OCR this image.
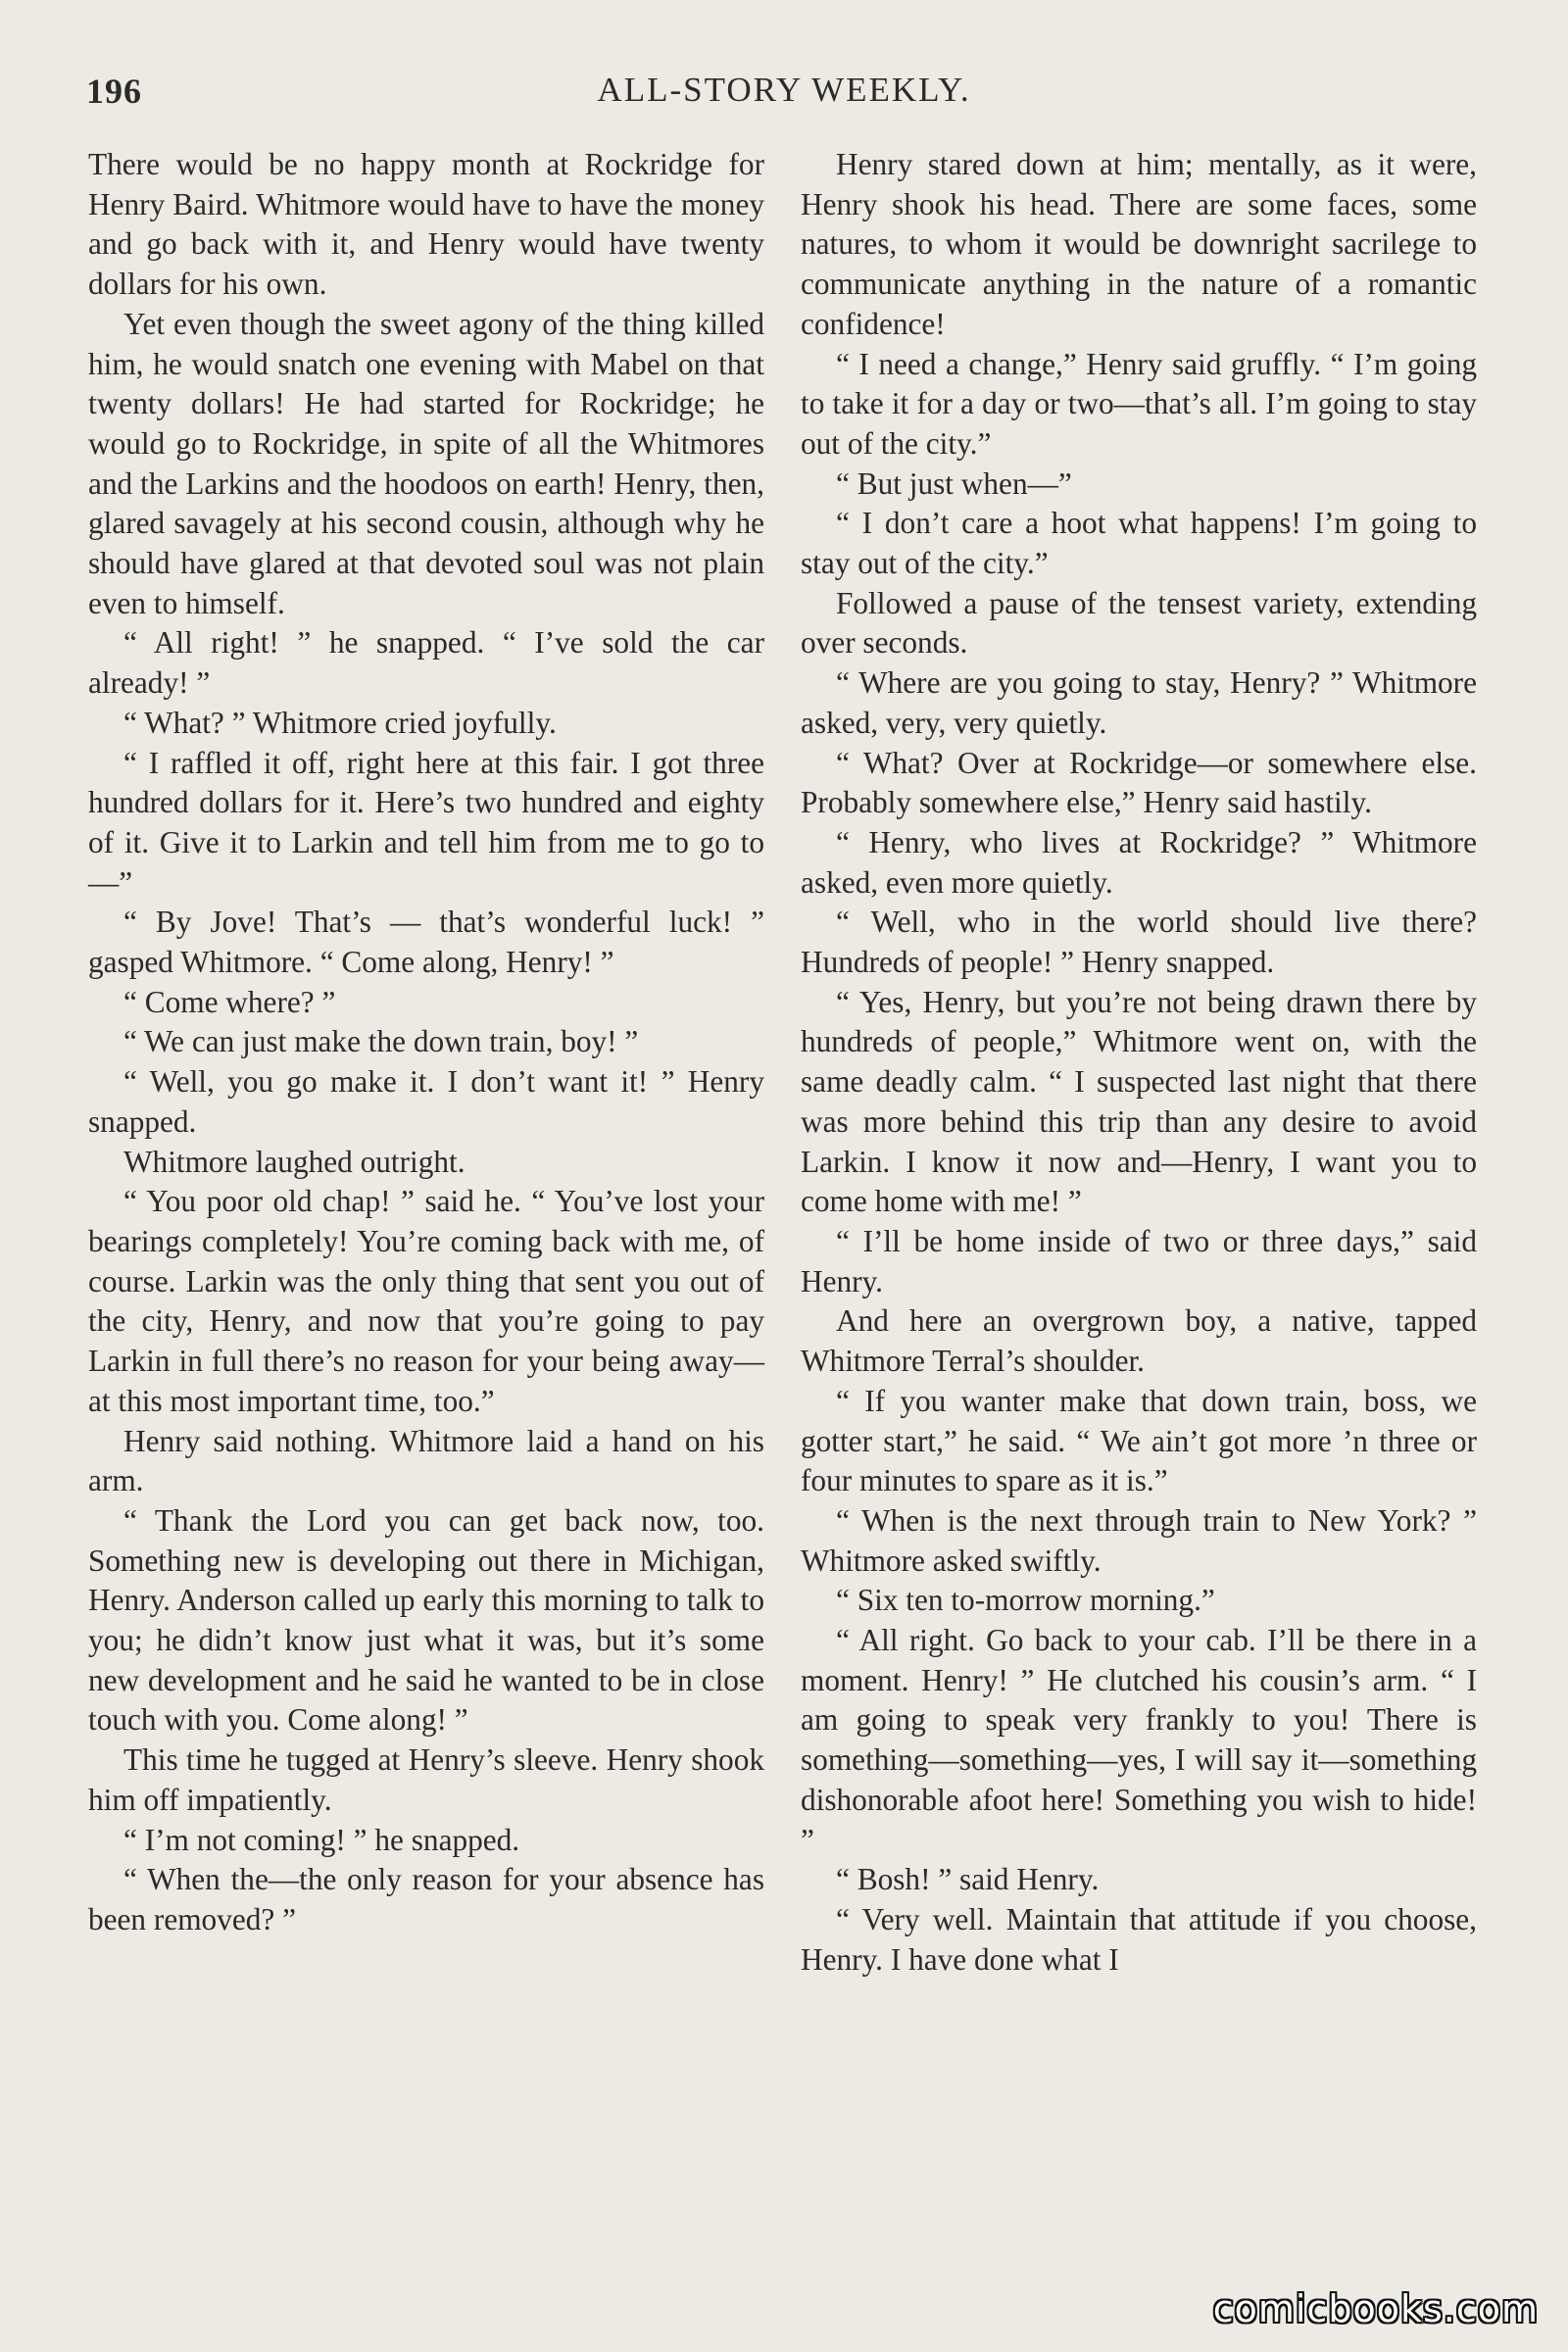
196	ALL-STORY WEEKLY.

There would be no happy month at Rockridge for Henry Baird. Whitmore would have to have the money and go back with it, and Henry would have twenty dollars for his own.

Yet even though the sweet agony of the thing killed him, he would snatch one evening with Mabel on that twenty dollars! He had started for Rockridge; he would go to Rockridge, in spite of all the Whitmores and the Larkins and the hoodoos on earth! Henry, then, glared savagely at his second cousin, although why he should have glared at that devoted soul was not plain even to himself.

“ All right! ” he snapped. “ I’ve sold the car already! ”

“ What? ” Whitmore cried joyfully.

“ I raffled it off, right here at this fair. I got three hundred dollars for it. Here’s two hundred and eighty of it. Give it to Larkin and tell him from me to go to—”

“ By Jove! That’s — that’s wonderful luck! ” gasped Whitmore. “ Come along, Henry! ”

“ Come where? ”

“ We can just make the down train, boy! ”

“ Well, you go make it. I don’t want it! ” Henry snapped.

Whitmore laughed outright.

“ You poor old chap! ” said he. “ You’ve lost your bearings completely! You’re coming back with me, of course. Larkin was the only thing that sent you out of the city, Henry, and now that you’re going to pay Larkin in full there’s no reason for your being away—at this most important time, too.”

Henry said nothing. Whitmore laid a hand on his arm.

“ Thank the Lord you can get back now, too. Something new is developing out there in Michigan, Henry. Anderson called up early this morning to talk to you; he didn’t know just what it was, but it’s some new development and he said he wanted to be in close touch with you. Come along! ”

This time he tugged at Henry’s sleeve. Henry shook him off impatiently.

“ I’m not coming! ” he snapped.

“ When the—the only reason for your absence has been removed? ”

Henry stared down at him; mentally, as it were, Henry shook his head. There are some faces, some natures, to whom it would be downright sacrilege to communicate anything in the nature of a romantic confidence!

“ I need a change,” Henry said gruffly. “ I’m going to take it for a day or two—that’s all. I’m going to stay out of the city.”

“ But just when—”

“ I don’t care a hoot what happens! I’m going to stay out of the city.”

Followed a pause of the tensest variety, extending over seconds.

“ Where are you going to stay, Henry? ” Whitmore asked, very, very quietly.

“ What? Over at Rockridge—or somewhere else. Probably somewhere else,” Henry said hastily.

“ Henry, who lives at Rockridge? ” Whitmore asked, even more quietly.

“ Well, who in the world should live there? Hundreds of people! ” Henry snapped.

“ Yes, Henry, but you’re not being drawn there by hundreds of people,” Whitmore went on, with the same deadly calm. “ I suspected last night that there was more behind this trip than any desire to avoid Larkin. I know it now and—Henry, I want you to come home with me! ”

“ I’ll be home inside of two or three days,” said Henry.

And here an overgrown boy, a native, tapped Whitmore Terral’s shoulder.

“ If you wanter make that down train, boss, we gotter start,” he said. “ We ain’t got more ’n three or four minutes to spare as it is.”

“ When is the next through train to New York? ” Whitmore asked swiftly.

“ Six ten to-morrow morning.”

“ All right. Go back to your cab. I’ll be there in a moment. Henry! ” He clutched his cousin’s arm. “ I am going to speak very frankly to you! There is something—something—yes, I will say it—something dishonorable afoot here! Something you wish to hide! ”

“ Bosh! ” said Henry.

“ Very well. Maintain that attitude if you choose, Henry. I have done what I

comicbooks.com
